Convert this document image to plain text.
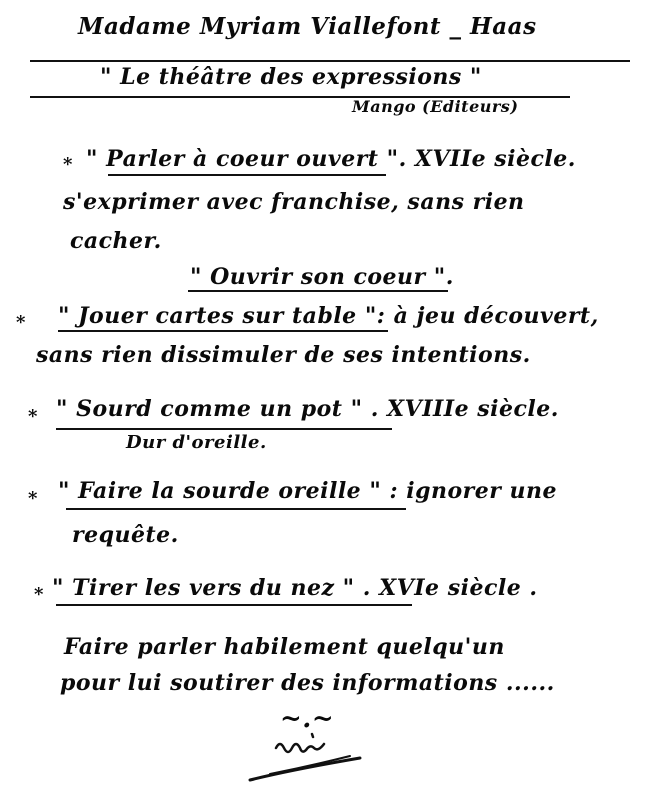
Madame Myriam Viallefont _ Haas
" Le théâtre des expressions "
Mango (Editeurs)
* " Parler à coeur ouvert ". XVIIe siècle.
s'exprimer avec franchise, sans rien
cacher.
" Ouvrir son coeur ".
* " Jouer cartes sur table ": à jeu découvert,
sans rien dissimuler de ses intentions.
* " Sourd comme un pot " . XVIIIe siècle.
Dur d'oreille.
* " Faire la sourde oreille " : ignorer une
requête.
* " Tirer les vers du nez " . XVIe siècle .
Faire parler habilement quelqu'un
pour lui soutirer des informations ......
~.~
